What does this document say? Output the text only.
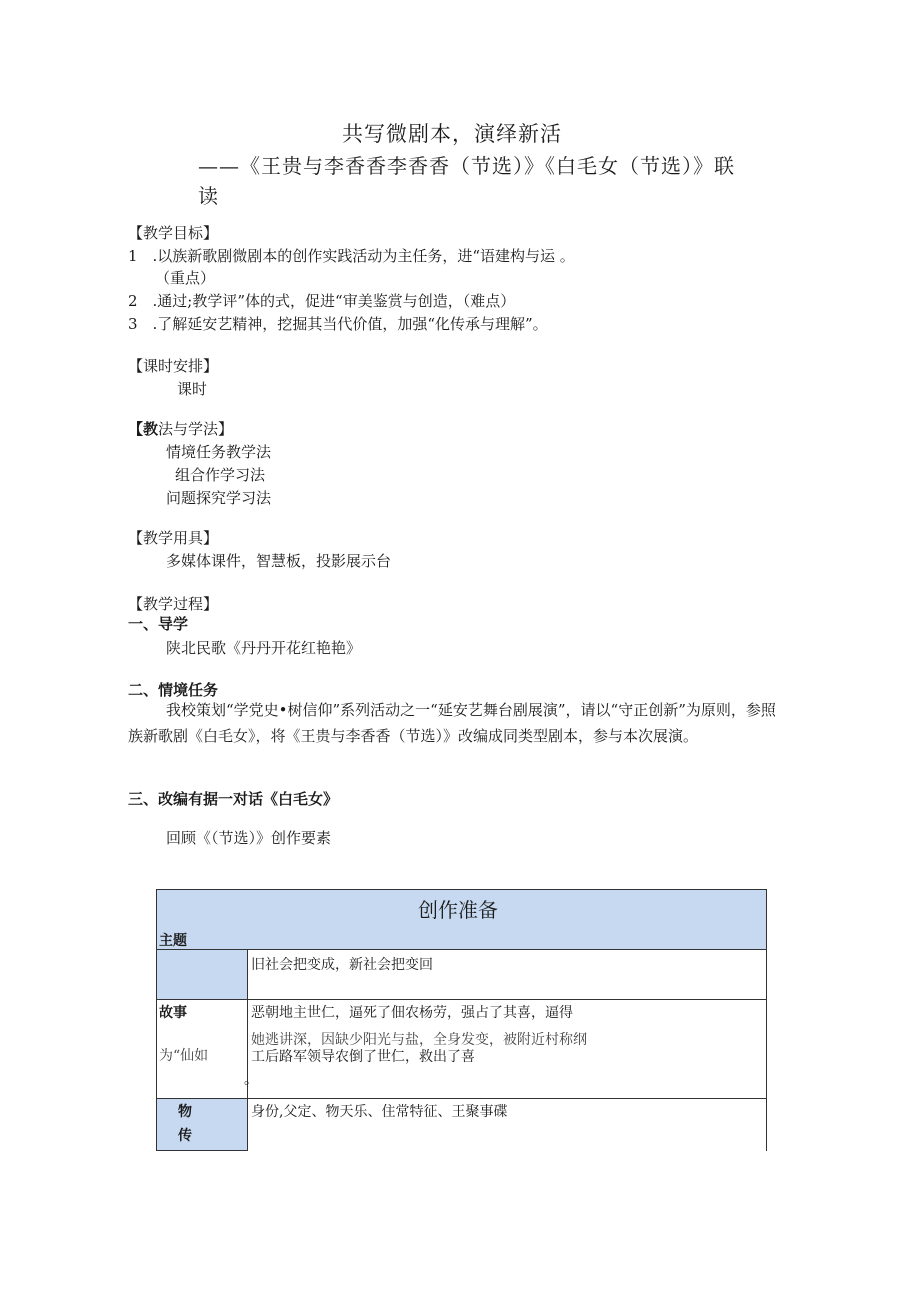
共写微剧本，演绎新活
——《王贵与李香香李香香（节选）》《白毛女（节选）》联
读
【教学目标】
1　.以族新歌剧微剧本的创作实践活动为主任务，进“语建构与运 。
（重点）
2　.通过;教学评”体的式，促进“审美鉴赏与创造，（难点）
3　.了解延安艺精神，挖掘其当代价值，加强“化传承与理解”。
【课时安排】
课时
【教法与学法】
情境任务教学法
组合作学习法
问题探究学习法
【教学用具】
多媒体课件，智慧板，投影展示台
【教学过程】
一、导学
陕北民歌《丹丹开花红艳艳》
二、情境任务
我校策划“学党史•树信仰”系列活动之一“延安艺舞台剧展演”，请以“守正创新”为原则，参照族新歌剧《白毛女》，将《王贵与李香香（节选）》改编成同类型剧本，参与本次展演。
三、改编有据一对话《白毛女》
回顾《（节选）》创作要素
创作准备
主题
旧社会把变成，新社会把变回
故事
为“仙如
恶朝地主世仁，逼死了佃农杨劳，强占了其喜，逼得
她逃讲深，因缺少阳光与盐，全身发变，被附近村称纲
工后路军领导农倒了世仁，救出了喜
。
物
传
身份,父定、物天乐、住常特征、王聚事碟
